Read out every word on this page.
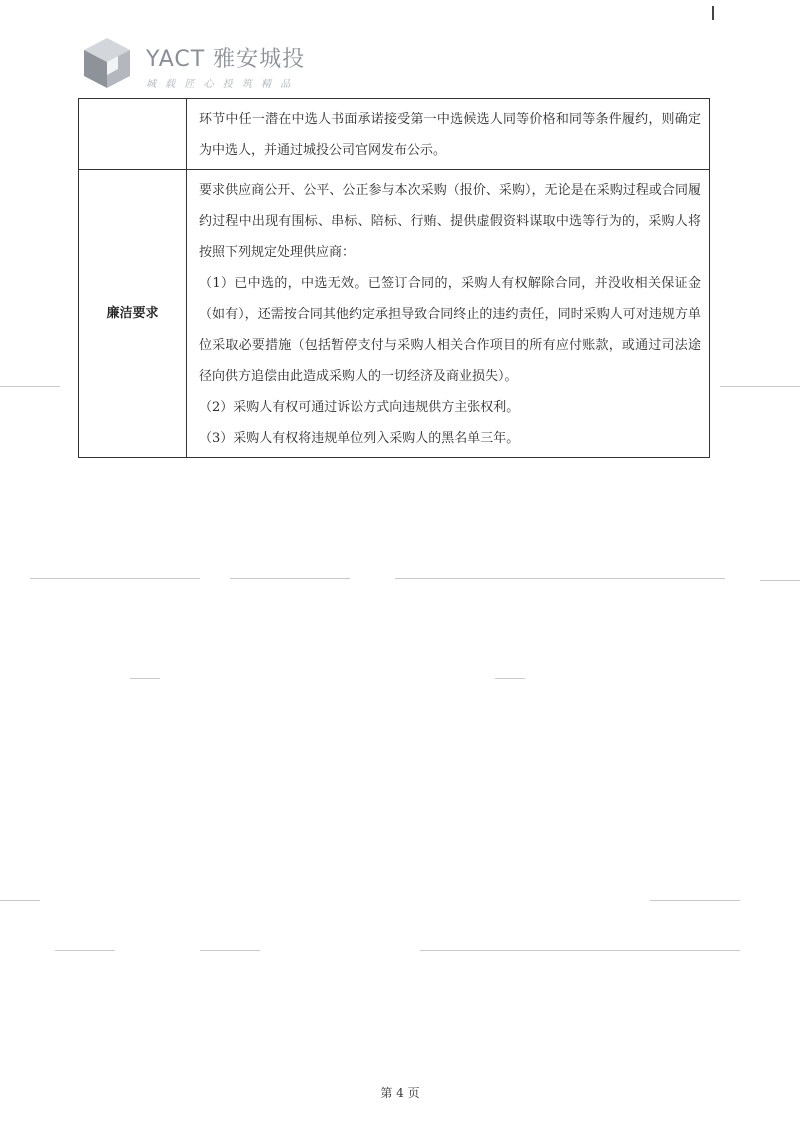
YACT 雅安城投
城 载 匠 心 投 筑 精 品

	环节中任一潜在中选人书面承诺接受第一中选候选人同等价格和同等条件履约，则确定为中选人，并通过城投公司官网发布公示。

廉洁要求	要求供应商公开、公平、公正参与本次采购（报价、采购），无论是在采购过程或合同履约过程中出现有围标、串标、陪标、行贿、提供虚假资料谋取中选等行为的，采购人将按照下列规定处理供应商：
（1）已中选的，中选无效。已签订合同的，采购人有权解除合同，并没收相关保证金（如有），还需按合同其他约定承担导致合同终止的违约责任，同时采购人可对违规方单位采取必要措施（包括暂停支付与采购人相关合作项目的所有应付账款，或通过司法途径向供方追偿由此造成采购人的一切经济及商业损失）。
（2）采购人有权可通过诉讼方式向违规供方主张权利。
（3）采购人有权将违规单位列入采购人的黑名单三年。
第 4 页
